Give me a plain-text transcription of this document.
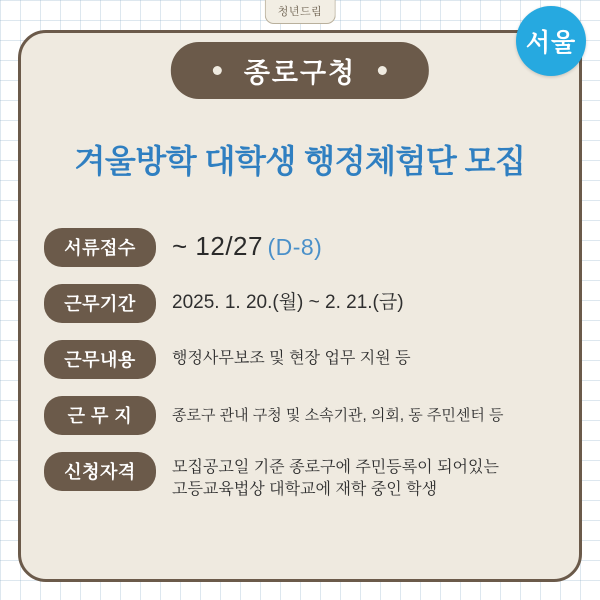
청년드림
서울
종로구청
겨울방학 대학생 행정체험단 모집
서류접수	~ 12/27 (D-8)
근무기간	2025. 1. 20.(월) ~ 2. 21.(금)
근무내용	행정사무보조 및 현장 업무 지원 등
근 무 지	종로구 관내 구청 및 소속기관, 의회, 동 주민센터 등
신청자격	모집공고일 기준 종로구에 주민등록이 되어있는
고등교육법상 대학교에 재학 중인 학생
